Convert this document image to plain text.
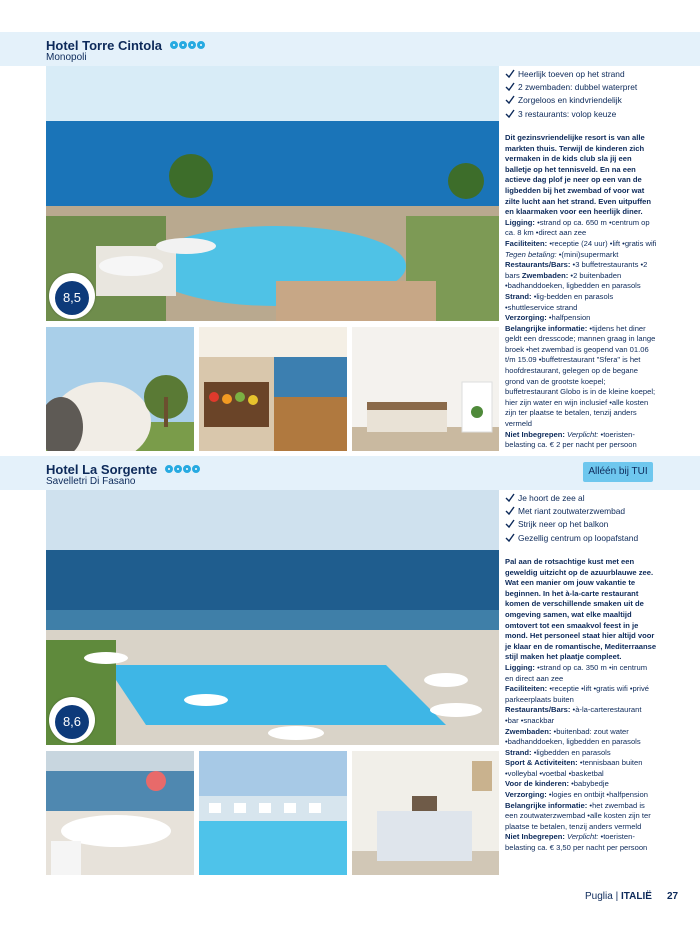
Hotel Torre Cintola
Monopoli
8,5
Heerlijk toeven op het strand
2 zwembaden: dubbel waterpret
Zorgeloos en kindvriendelijk
3 restaurants: volop keuze

Dit gezinsvriendelijke resort is van alle markten thuis. Terwijl de kinderen zich vermaken in de kids club sla jij een balletje op het tennisveld. En na een actieve dag plof je neer op een van de ligbedden bij het zwembad of voor wat zilte lucht aan het strand. Even uitpuffen en klaarmaken voor een heerlijk diner.

Ligging: •strand op ca. 650 m •centrum op ca. 8 km •direct aan zee

Faciliteiten: •receptie (24 uur) •lift •gratis wifi Tegen betaling: •(mini)supermarkt

Restaurants/Bars: •3 buffetrestaurants •2 bars Zwembaden: •2 buitenbaden •badhanddoeken, ligbedden en parasols

Strand: •lig-bedden en parasols •shuttleservice strand

Verzorging: •halfpension

Belangrijke informatie: •tijdens het diner geldt een dresscode; mannen graag in lange broek •het zwembad is geopend van 01.06 t/m 15.09 •buffetrestaurant "Sfera" is het hoofdrestaurant, gelegen op de begane grond van de grootste koepel; buffetrestaurant Globo is in de kleine koepel; hier zijn water en wijn inclusief •alle kosten zijn ter plaatse te betalen, tenzij anders vermeld

Niet Inbegrepen: Verplicht: •toeristen-belasting ca. € 2 per nacht per persoon

Hotel La Sorgente
Savelletri Di Fasano
Alléén bij TUI
8,6
Je hoort de zee al
Met riant zoutwaterzwembad
Strijk neer op het balkon
Gezellig centrum op loopafstand

Pal aan de rotsachtige kust met een geweldig uitzicht op de azuurblauwe zee. Wat een manier om jouw vakantie te beginnen. In het à-la-carte restaurant komen de verschillende smaken uit de omgeving samen, wat elke maaltijd omtovert tot een smaakvol feest in je mond. Het personeel staat hier altijd voor je klaar en de romantische, Mediterraanse stijl maken het plaatje compleet.

Ligging: •strand op ca. 350 m •in centrum en direct aan zee

Faciliteiten: •receptie •lift •gratis wifi •privé parkeerplaats buiten

Restaurants/Bars: •à-la-carterestaurant •bar •snackbar

Zwembaden: •buitenbad: zout water •badhanddoeken, ligbedden en parasols

Strand: •ligbedden en parasols

Sport & Activiteiten: •tennisbaan buiten •volleybal •voetbal •basketbal

Voor de kinderen: •babybedje

Verzorging: •logies en ontbijt •halfpension

Belangrijke informatie: •het zwembad is een zoutwaterzwembad •alle kosten zijn ter plaatse te betalen, tenzij anders vermeld

Niet Inbegrepen: Verplicht: •toeristen-belasting ca. € 3,50 per nacht per persoon

Puglia | ITALIË 27
